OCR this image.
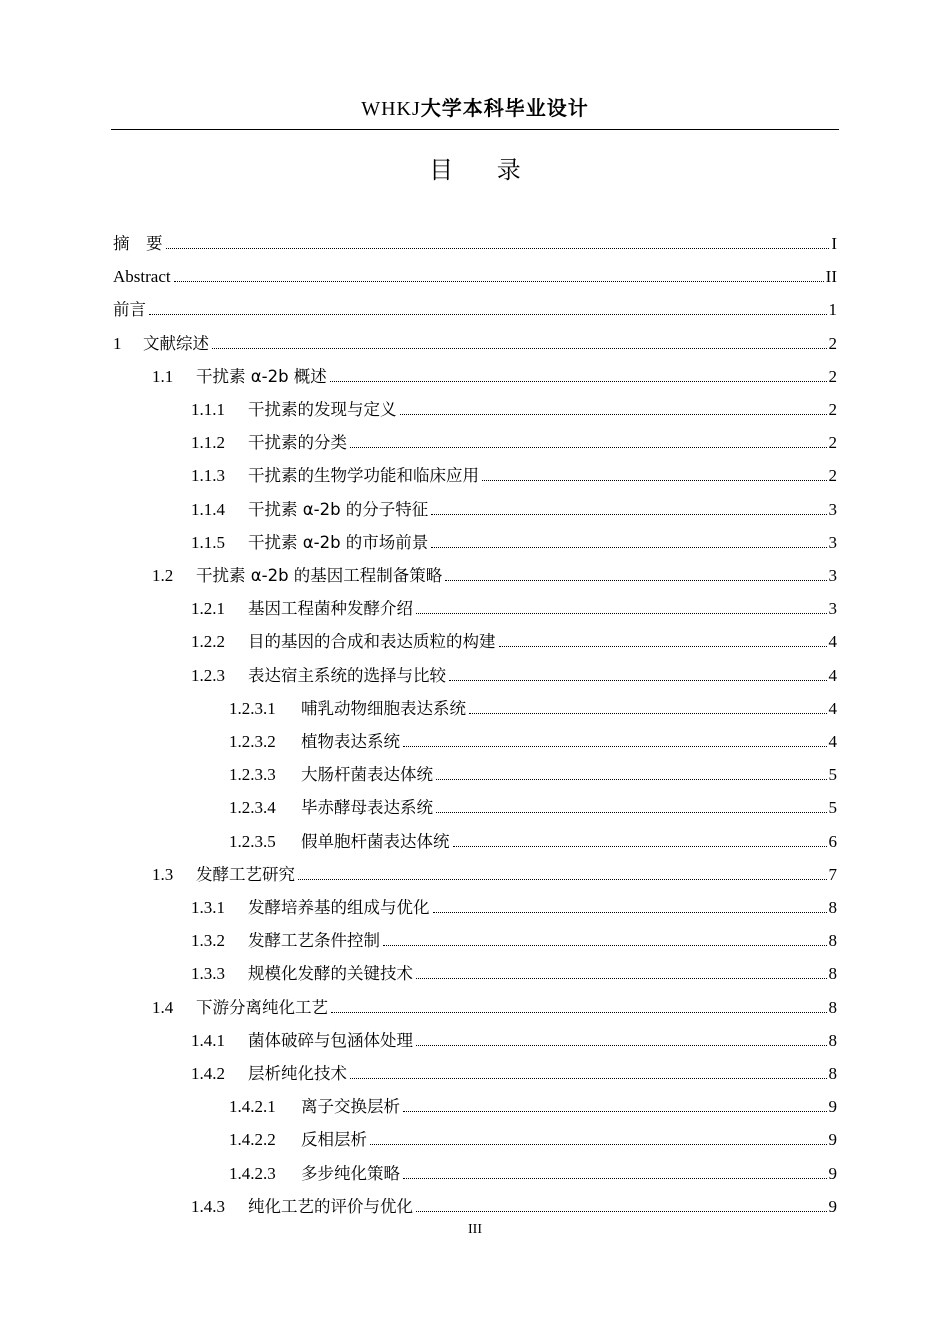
WHKJ大学本科毕业设计
目 录
摘　要	I
Abstract	II
前言	1
1	文献综述	2
1.1	干扰素 α-2b 概述	2
1.1.1	干扰素的发现与定义	2
1.1.2	干扰素的分类	2
1.1.3	干扰素的生物学功能和临床应用	2
1.1.4	干扰素 α-2b 的分子特征	3
1.1.5	干扰素 α-2b 的市场前景	3
1.2	干扰素 α-2b 的基因工程制备策略	3
1.2.1	基因工程菌种发酵介绍	3
1.2.2	目的基因的合成和表达质粒的构建	4
1.2.3	表达宿主系统的选择与比较	4
1.2.3.1	哺乳动物细胞表达系统	4
1.2.3.2	植物表达系统	4
1.2.3.3	大肠杆菌表达体统	5
1.2.3.4	毕赤酵母表达系统	5
1.2.3.5	假单胞杆菌表达体统	6
1.3	发酵工艺研究	7
1.3.1	发酵培养基的组成与优化	8
1.3.2	发酵工艺条件控制	8
1.3.3	规模化发酵的关键技术	8
1.4	下游分离纯化工艺	8
1.4.1	菌体破碎与包涵体处理	8
1.4.2	层析纯化技术	8
1.4.2.1	离子交换层析	9
1.4.2.2	反相层析	9
1.4.2.3	多步纯化策略	9
1.4.3	纯化工艺的评价与优化	9
III
